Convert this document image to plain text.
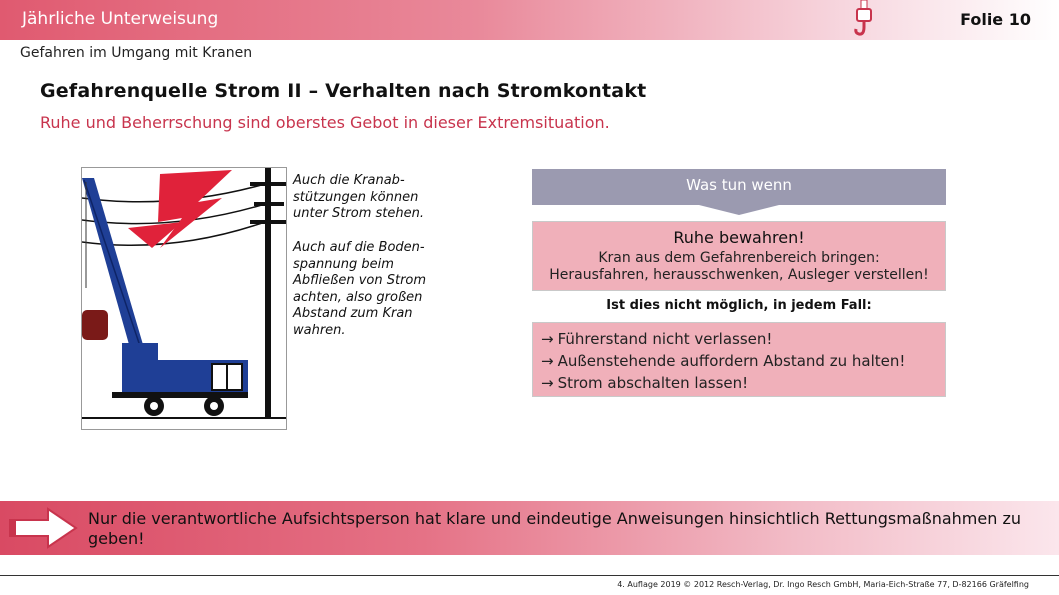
Jährliche Unterweisung	Folie 10
Gefahren im Umgang mit Kranen
Gefahrenquelle Strom II – Verhalten nach Stromkontakt
Ruhe und Beherrschung sind oberstes Gebot in dieser Extremsituation.
Auch die Kranab-
stützungen können
unter Strom stehen.
Auch auf die Boden-
spannung beim
Abfließen von Strom
achten, also großen
Abstand zum Kran
wahren.
Was tun wenn
Ruhe bewahren!
Kran aus dem Gefahrenbereich bringen:
Herausfahren, herausschwenken, Ausleger verstellen!
Ist dies nicht möglich, in jedem Fall:
→ Führerstand nicht verlassen!
→ Außenstehende auffordern Abstand zu halten!
→ Strom abschalten lassen!
Nur die verantwortliche Aufsichtsperson hat klare und eindeutige Anweisungen hinsichtlich Rettungsmaßnahmen zu
geben!
4. Auflage 2019 © 2012 Resch-Verlag, Dr. Ingo Resch GmbH, Maria-Eich-Straße 77, D-82166 Gräfelfing
